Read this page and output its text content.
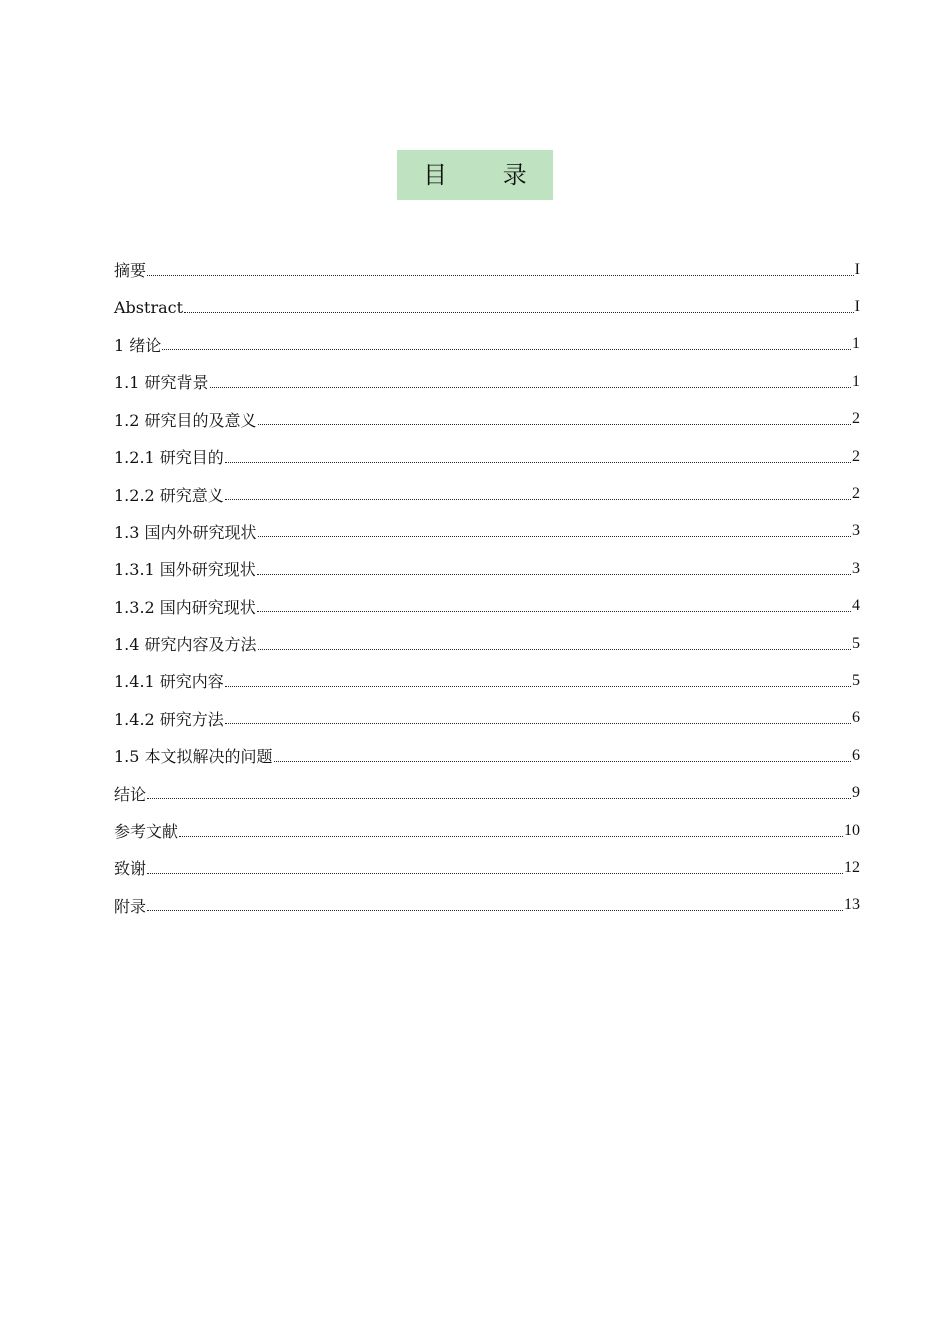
目 录
摘要	I
Abstract	I
1 绪论	1
1.1 研究背景	1
1.2 研究目的及意义	2
1.2.1 研究目的	2
1.2.2 研究意义	2
1.3 国内外研究现状	3
1.3.1 国外研究现状	3
1.3.2 国内研究现状	4
1.4 研究内容及方法	5
1.4.1 研究内容	5
1.4.2 研究方法	6
1.5 本文拟解决的问题	6
结论	9
参考文献	10
致谢	12
附录	13
